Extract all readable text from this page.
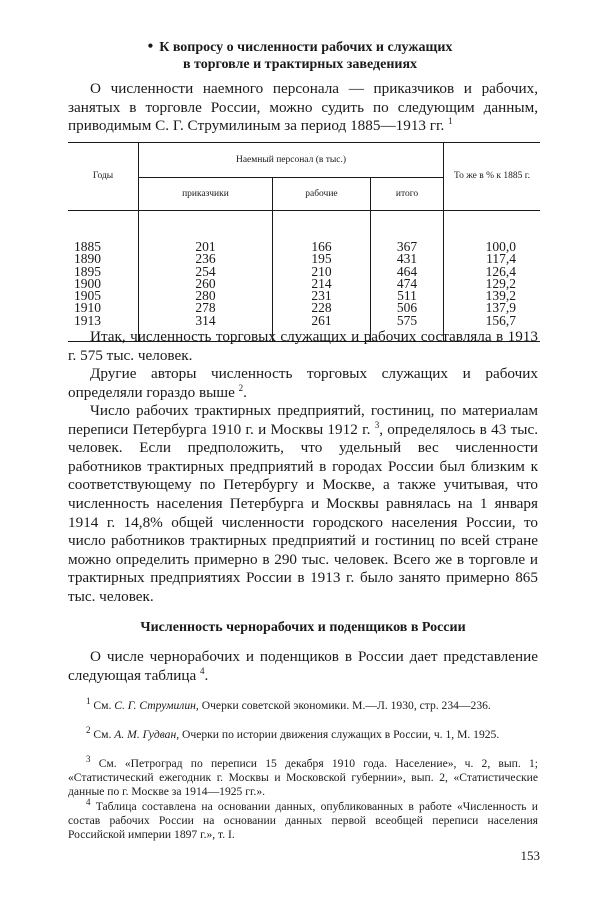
• К вопросу о численности рабочих и служащих
в торговле и трактирных заведениях

О численности наемного персонала — приказчиков и рабочих, занятых в торговле России, можно судить по следующим данным, приводимым С. Г. Струмилиным за период 1885—1913 гг. $^1$

Годы	Наемный персонал (в тыс.)			То же в % к 1885 г.
	приказчики	рабочие	итого	
1885	201	166	367	100,0
1890	236	195	431	117,4
1895	254	210	464	126,4
1900	260	214	474	129,2
1905	280	231	511	139,2
1910	278	228	506	137,9
1913	314	261	575	156,7

Итак, численность торговых служащих и рабочих составляла в 1913 г. 575 тыс. человек.

Другие авторы численность торговых служащих и рабочих определяли гораздо выше $^2$.

Число рабочих трактирных предприятий, гостиниц, по материалам переписи Петербурга 1910 г. и Москвы 1912 г. $^3$, определялось в 43 тыс. человек. Если предположить, что удельный вес численности работников трактирных предприятий в городах России был близким к соответствующему по Петербургу и Москве, а также учитывая, что численность населения Петербурга и Москвы равнялась на 1 января 1914 г. 14,8% общей численности городского населения России, то число работников трактирных предприятий и гостиниц по всей стране можно определить примерно в 290 тыс. человек. Всего же в торговле и трактирных предприятиях России в 1913 г. было занято примерно 865 тыс. человек.

Численность чернорабочих и поденщиков в России

О числе чернорабочих и поденщиков в России дает представление следующая таблица $^4$.

$^1$ См. С. Г. Струмилин, Очерки советской экономики. М.—Л. 1930, стр. 234—236.

$^2$ См. А. М. Гудван, Очерки по истории движения служащих в России, ч. 1, М. 1925.

$^3$ См. «Петроград по переписи 15 декабря 1910 года. Население», ч. 2, вып. 1; «Статистический ежегодник г. Москвы и Московской губернии», вып. 2, «Статистические данные по г. Москве за 1914—1925 гг.».

$^4$ Таблица составлена на основании данных, опубликованных в работе «Численность и состав рабочих России на основании данных первой всеобщей переписи населения Российской империи 1897 г.», т. I.

153
